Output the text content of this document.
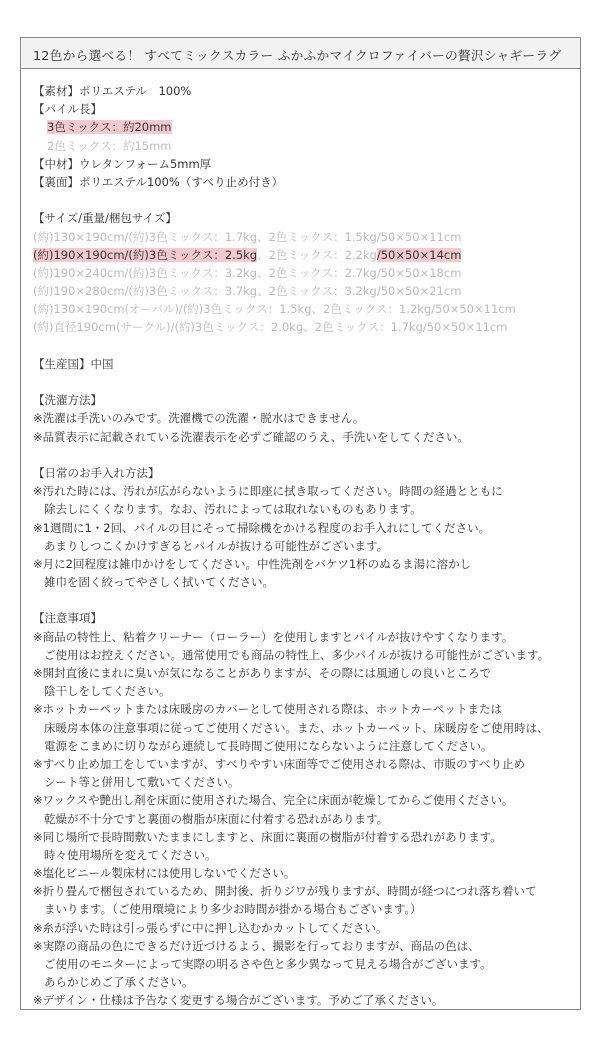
12色から選べる！ すべてミックスカラー ふかふかマイクロファイバーの贅沢シャギーラグ
【素材】ポリエステル　100%
【パイル長】
3色ミックス：約20mm
2色ミックス：約15mm
【中材】ウレタンフォーム5mm厚
【裏面】ポリエステル100%（すべり止め付き）
【サイズ/重量/梱包サイズ】
(約)130×190cm/(約)3色ミックス：1.7kg、2色ミックス：1.5kg/50×50×11cm
(約)190×190cm/(約)3色ミックス：2.5kg、2色ミックス：2.2kg/50×50×14cm
(約)190×240cm/(約)3色ミックス：3.2kg、2色ミックス：2.7kg/50×50×18cm
(約)190×280cm/(約)3色ミックス：3.7kg、2色ミックス：3.2kg/50×50×21cm
(約)130×190cm(オーバル)/(約)3色ミックス：1.5kg、2色ミックス：1.2kg/50×50×11cm
(約)直径190cm(サークル)/(約)3色ミックス：2.0kg、2色ミックス：1.7kg/50×50×11cm
【生産国】中国
【洗濯方法】
※洗濯は手洗いのみです。洗濯機での洗濯・脱水はできません。
※品質表示に記載されている洗濯表示を必ずご確認のうえ、手洗いをしてください。
【日常のお手入れ方法】
※汚れた時には、汚れが広がらないように即座に拭き取ってください。時間の経過とともに
除去しにくくなります。なお、汚れによっては取れないものもあります。
※1週間に1・2回、パイルの目にそって掃除機をかける程度のお手入れにしてください。
あまりしつこくかけすぎるとパイルが抜ける可能性がございます。
※月に2回程度は雑巾かけをしてください。中性洗剤をバケツ1杯のぬるま湯に溶かし
雑巾を固く絞ってやさしく拭いてください。
【注意事項】
※商品の特性上、粘着クリーナー（ローラー）を使用しますとパイルが抜けやすくなります。
ご使用はお控えください。通常使用でも商品の特性上、多少パイルが抜ける可能性がございます。
※開封直後にまれに臭いが気になることがありますが、その際には風通しの良いところで
陰干しをしてください。
※ホットカーペットまたは床暖房のカバーとして使用される際は、ホットカーペットまたは
床暖房本体の注意事項に従ってご使用ください。また、ホットカーペット、床暖房をご使用時は、
電源をこまめに切りながら連続して長時間ご使用にならないように注意してください。
※すべり止め加工をしていますが、すべりやすい床面等でご使用される際は、市販のすべり止め
シート等と併用して敷いてください。
※ワックスや艶出し剤を床面に使用された場合、完全に床面が乾燥してからご使用ください。
乾燥が不十分ですと裏面の樹脂が床面に付着する恐れがあります。
※同じ場所で長時間敷いたままにしますと、床面に裏面の樹脂が付着する恐れがあります。
時々使用場所を変えてください。
※塩化ビニール製床材には使用しないでください。
※折り畳んで梱包されているため、開封後、折りジワが残りますが、時間が経つにつれ落ち着いて
まいります。（ご使用環境により多少お時間が掛かる場合もございます。）
※糸が浮いた時は引っ張らずに中に押し込むかカットしてください。
※実際の商品の色にできるだけ近づけるよう、撮影を行っておりますが、商品の色は、
ご使用のモニターによって実際の明るさや色と多少異なって見える場合がございます。
あらかじめご了承ください。
※デザイン・仕様は予告なく変更する場合がございます。予めご了承ください。
